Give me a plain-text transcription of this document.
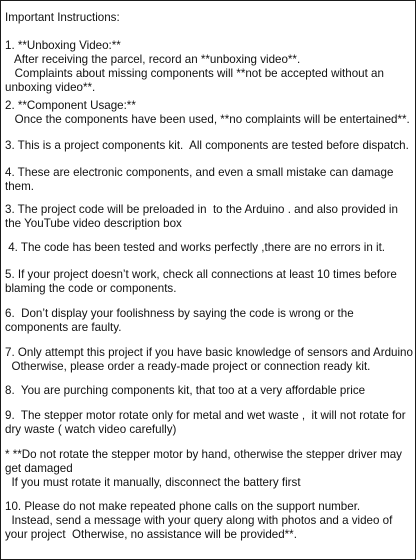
Important Instructions:
1. **Unboxing Video:**
After receiving the parcel, record an **unboxing video**.
Complaints about missing components will **not be accepted without an
unboxing video**.
2. **Component Usage:**
Once the components have been used, **no complaints will be entertained**.
3. This is a project components kit.  All components are tested before dispatch.
4. These are electronic components, and even a small mistake can damage
them.
3. The project code will be preloaded in  to the Arduino . and also provided in
the YouTube video description box
4. The code has been tested and works perfectly ,there are no errors in it.
5. If your project doesn’t work, check all connections at least 10 times before
blaming the code or components.
6.  Don’t display your foolishness by saying the code is wrong or the
components are faulty.
7. Only attempt this project if you have basic knowledge of sensors and Arduino
Otherwise, please order a ready-made project or connection ready kit.
8.  You are purching components kit, that too at a very affordable price
9.  The stepper motor rotate only for metal and wet waste ,  it will not rotate for
dry waste ( watch video carefully)
* **Do not rotate the stepper motor by hand, otherwise the stepper driver may
get damaged
If you must rotate it manually, disconnect the battery first
10. Please do not make repeated phone calls on the support number.
Instead, send a message with your query along with photos and a video of
your project  Otherwise, no assistance will be provided**.
